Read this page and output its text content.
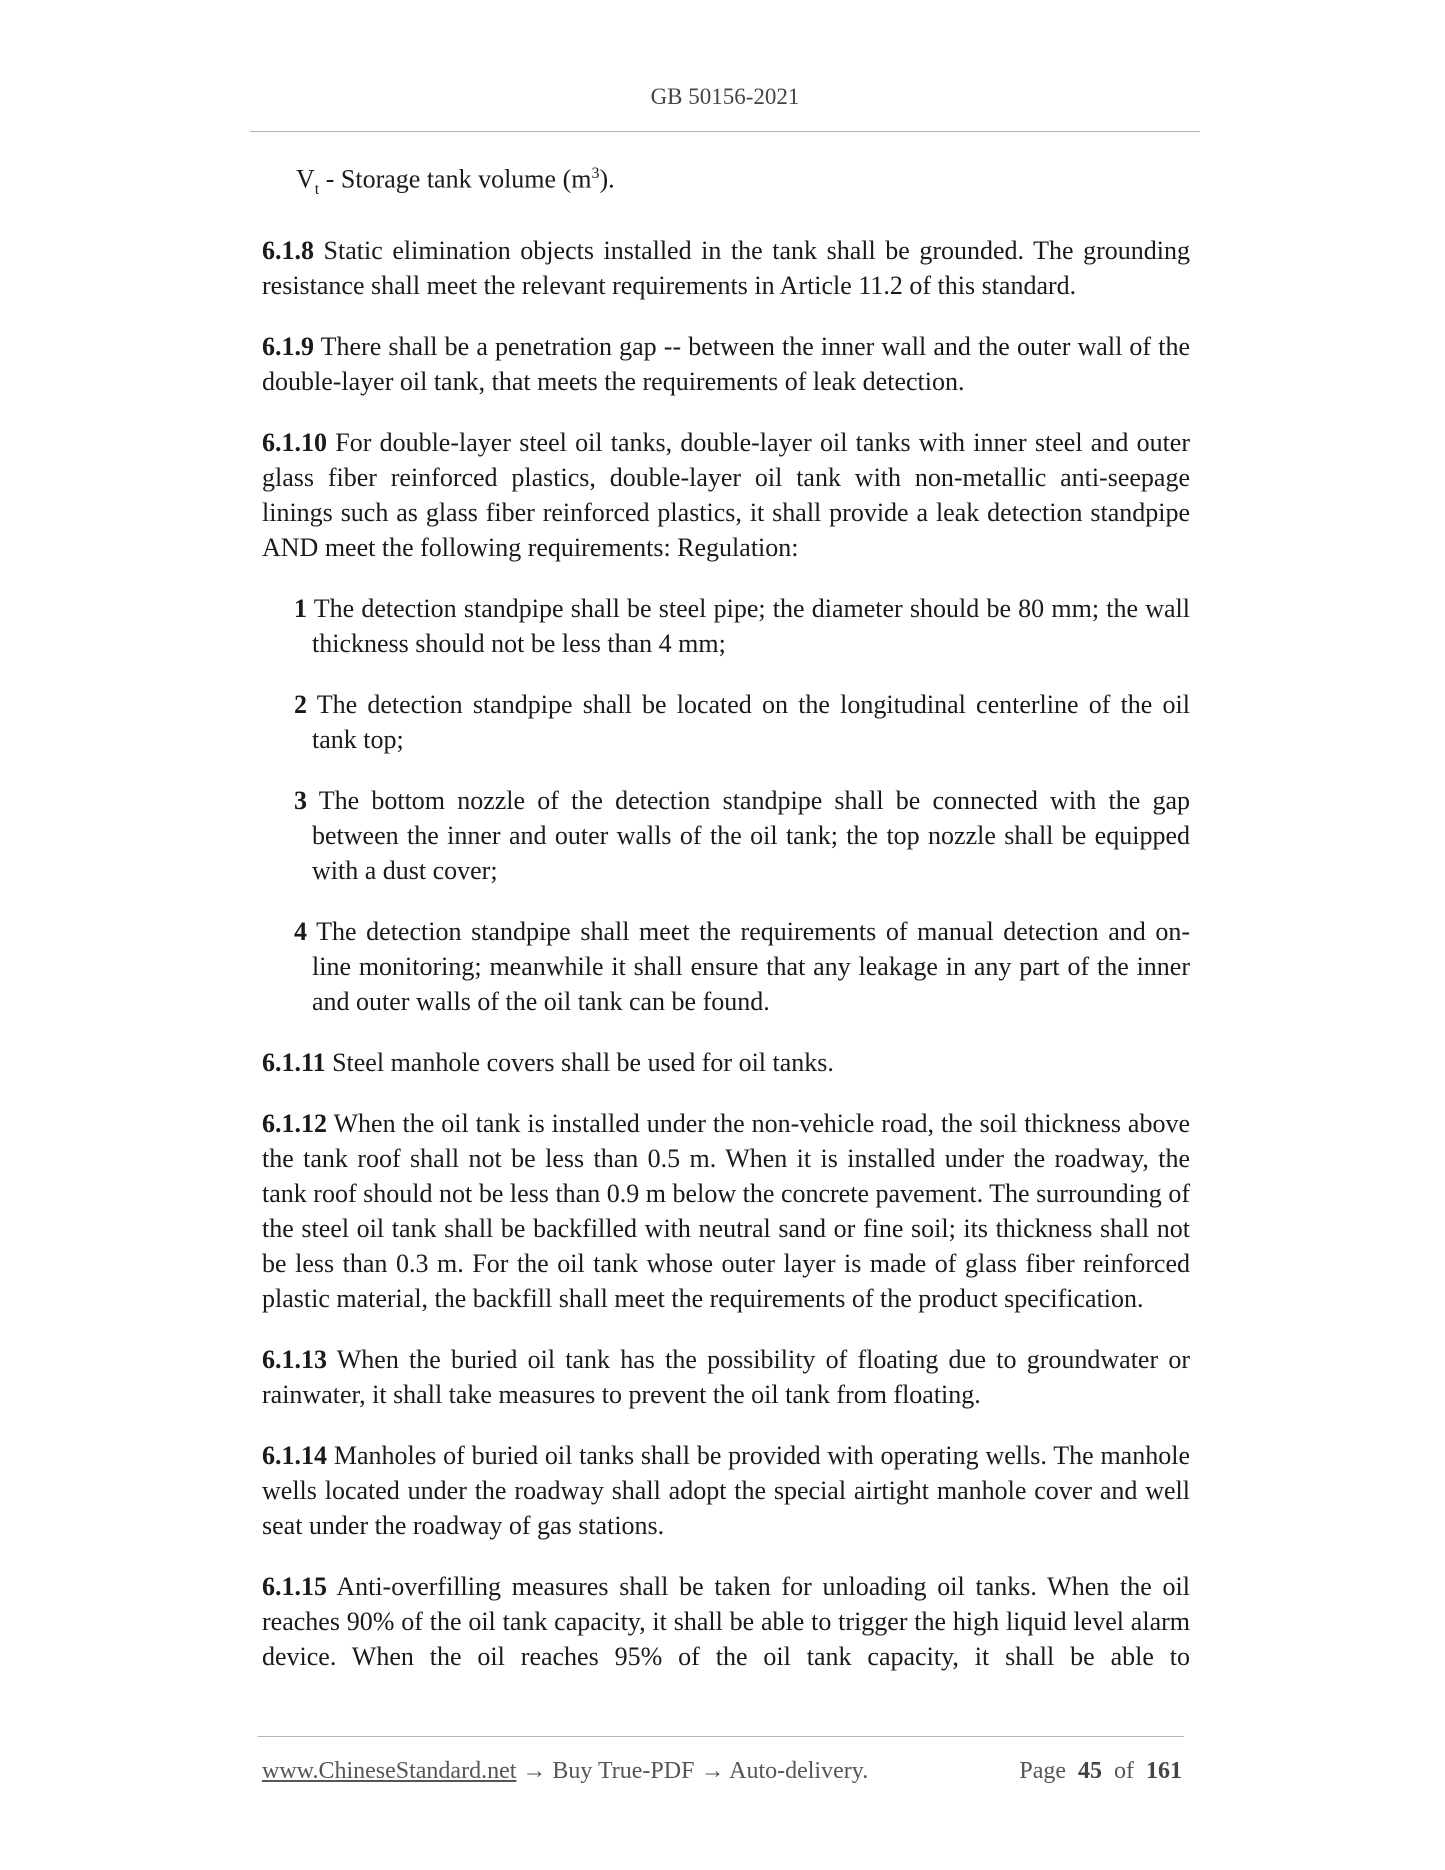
GB 50156-2021

$V_t$ - Storage tank volume $(m^3)$.

6.1.8 Static elimination objects installed in the tank shall be grounded. The grounding resistance shall meet the relevant requirements in Article 11.2 of this standard.

6.1.9 There shall be a penetration gap -- between the inner wall and the outer wall of the double-layer oil tank, that meets the requirements of leak detection.

6.1.10 For double-layer steel oil tanks, double-layer oil tanks with inner steel and outer glass fiber reinforced plastics, double-layer oil tank with non-metallic anti-seepage linings such as glass fiber reinforced plastics, it shall provide a leak detection standpipe AND meet the following requirements: Regulation:

1 The detection standpipe shall be steel pipe; the diameter should be 80 mm; the wall thickness should not be less than 4 mm;
2 The detection standpipe shall be located on the longitudinal centerline of the oil tank top;
3 The bottom nozzle of the detection standpipe shall be connected with the gap between the inner and outer walls of the oil tank; the top nozzle shall be equipped with a dust cover;
4 The detection standpipe shall meet the requirements of manual detection and on-line monitoring; meanwhile it shall ensure that any leakage in any part of the inner and outer walls of the oil tank can be found.

6.1.11 Steel manhole covers shall be used for oil tanks.

6.1.12 When the oil tank is installed under the non-vehicle road, the soil thickness above the tank roof shall not be less than 0.5 m. When it is installed under the roadway, the tank roof should not be less than 0.9 m below the concrete pavement. The surrounding of the steel oil tank shall be backfilled with neutral sand or fine soil; its thickness shall not be less than 0.3 m. For the oil tank whose outer layer is made of glass fiber reinforced plastic material, the backfill shall meet the requirements of the product specification.

6.1.13 When the buried oil tank has the possibility of floating due to groundwater or rainwater, it shall take measures to prevent the oil tank from floating.

6.1.14 Manholes of buried oil tanks shall be provided with operating wells. The manhole wells located under the roadway shall adopt the special airtight manhole cover and well seat under the roadway of gas stations.

6.1.15 Anti-overfilling measures shall be taken for unloading oil tanks. When the oil reaches 90% of the oil tank capacity, it shall be able to trigger the high liquid level alarm device. When the oil reaches 95% of the oil tank capacity, it shall be able to

www.ChineseStandard.net → Buy True-PDF → Auto-delivery.	Page 45 of 161
